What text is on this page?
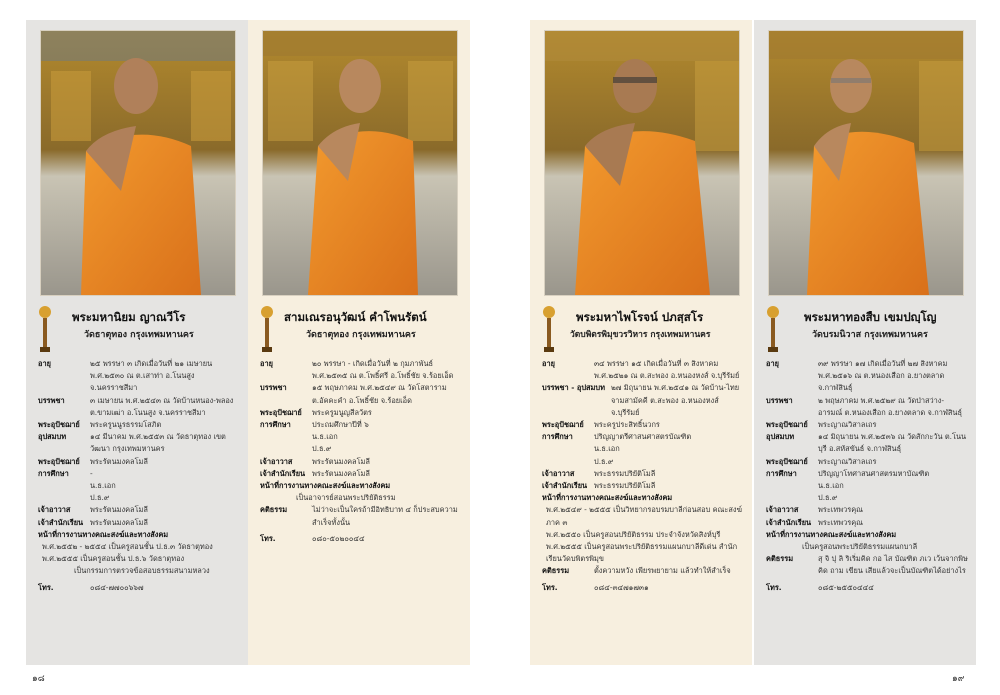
พระมหานิยม ญาณวีโร
วัดธาตุทอง กรุงเทพมหานคร
อายุ	๒๕ พรรษา ๓ เกิดเมื่อวันที่ ๒๑ เมษายน พ.ศ.๒๕๓๐ ณ ต.เสาท่า อ.โนนสูง จ.นครราชสีมา
บรรพชา	๓ เมษายน พ.ศ.๒๕๔๓ ณ วัดบ้านหนอง-พลอง ต.ขามเฒ่า อ.โนนสูง จ.นครราชสีมา
พระอุปัชฌาย์	พระครูนนูรธรรมโสภิต
อุปสมบท	๑๔ มีนาคม พ.ศ.๒๕๕๓ ณ วัดธาตุทอง เขตวัฒนา กรุงเทพมหานคร
พระอุปัชฌาย์	พระรัตนมงคลโมลี
การศึกษา	-
น.ธ.เอก
ป.ธ.๙
เจ้าอาวาส	พระรัตนมงคลโมลี
เจ้าสำนักเรียน พระรัตนมงคลโมลี
หน้าที่การงานทางคณะสงฆ์และทางสังคม
พ.ศ.๒๕๕๒ - ๒๕๕๔ เป็นครูสอนชั้น ป.ธ.๓ วัดธาตุทอง
พ.ศ.๒๕๕๕ เป็นครูสอนชั้น ป.ธ.๖ วัดธาตุทอง
เป็นกรรมการตรวจข้อสอบธรรมสนามหลวง
โทร.	๐๘๔-๗๗๐๐๖๖๗
สามเณรอนุวัฒน์ คำโพนรัตน์
วัดธาตุทอง กรุงเทพมหานคร
อายุ	๒๐ พรรษา - เกิดเมื่อวันที่ ๒ กุมภาพันธ์ พ.ศ.๒๕๓๕ ณ ต.โพธิ์ศรี อ.โพธิ์ชัย จ.ร้อยเอ็ด
บรรพชา	๑๕ พฤษภาคม พ.ศ.๒๕๔๙ ณ วัดโสตาราม ต.อัคคะคำ อ.โพธิ์ชัย จ.ร้อยเอ็ด
พระอุปัชฌาย์	พระครูมนูญสีลวัตร
การศึกษา	ประถมศึกษาปีที่ ๖
น.ธ.เอก
ป.ธ.๙
เจ้าอาวาส	พระรัตนมงคลโมลี
เจ้าสำนักเรียน พระรัตนมงคลโมลี
หน้าที่การงานทางคณะสงฆ์และทางสังคม
เป็นอาจารย์สอนพระปริยัติธรรม
คติธรรม	ไม่ว่าจะเป็นใครถ้ามีอิทธิบาท ๔ ก็ประสบความสำเร็จทั้งนั้น
โทร.	๐๘๐-๕๐๒๐๐๔๔
พระมหาไพโรจน์ ปภสฺสโร
วัดบพิตรพิมุขวรวิหาร กรุงเทพมหานคร
อายุ	๓๔ พรรษา ๑๕ เกิดเมื่อวันที่ ๓ สิงหาคม พ.ศ.๒๕๒๑ ณ ต.สะพอง อ.หนองหงส์ จ.บุรีรัมย์
บรรพชา - อุปสมบท ๒๗ มิถุนายน พ.ศ.๒๕๔๑ ณ วัดบ้าน-ไทยจามสามัคคี ต.สะพอง อ.หนองหงส์ จ.บุรีรัมย์
พระอุปัชฌาย์	พระครูประสิทธิ์นวกร
การศึกษา	ปริญญาตรีศาสนศาสตรบัณฑิต
น.ธ.เอก
ป.ธ.๙
เจ้าอาวาส	พระธรรมปริยัติโมลี
เจ้าสำนักเรียน พระธรรมปริยัติโมลี
หน้าที่การงานทางคณะสงฆ์และทางสังคม
พ.ศ.๒๕๔๙ - ๒๕๕๕ เป็นวิทยากรอบรมบาลีก่อนสอบ คณะสงฆ์ภาค ๓
พ.ศ.๒๕๕๐ เป็นครูสอนปริยัติธรรม ประจำจังหวัดสิงห์บุรี
พ.ศ.๒๕๕๕ เป็นครูสอนพระปริยัติธรรมแผนกบาลีดีเด่น สำนักเรียนวัดบพิตรพิมุข
คติธรรม	ตั้งความหวัง เพียรพยายาม แล้วทำให้สำเร็จ
โทร.	๐๘๔-๓๔๗๑๗๓๑
พระมหาทองสืบ เขมปญฺโญ
วัดบรมนิวาส กรุงเทพมหานคร
อายุ	๓๙ พรรษา ๑๗ เกิดเมื่อวันที่ ๒๗ สิงหาคม พ.ศ.๒๕๑๖ ณ ต.หนองเสือก อ.ยางตลาด จ.กาฬสินธุ์
บรรพชา	๒ พฤษภาคม พ.ศ.๒๕๒๙ ณ วัดป่าสว่าง-อารมณ์ ต.หนองเสือก อ.ยางตลาด จ.กาฬสินธุ์
พระอุปัชฌาย์	พระญาณวิสาลเถร
อุปสมบท	๑๔ มิถุนายน พ.ศ.๒๕๓๖ ณ วัดสักกะวัน ต.โนนบุรี อ.สหัสขันธ์ จ.กาฬสินธุ์
พระอุปัชฌาย์	พระญาณวิสาลเถร
การศึกษา	ปริญญาโทศาสนศาสตรมหาบัณฑิต
น.ธ.เอก
ป.ธ.๙
เจ้าอาวาส	พระเทพวรคุณ
เจ้าสำนักเรียน พระเทพวรคุณ
หน้าที่การงานทางคณะสงฆ์และทางสังคม
เป็นครูสอนพระปริยัติธรรมแผนกบาลี
คติธรรม	สุ จิ ปุ ลิ ริเริ่มคิด กอ ไส บัณฑิต ภเว เว้นจากพิษ คิด ถาม เขียน เสียแล้วจะเป็นบัณฑิตได้อย่างไร
โทร.	๐๘๕-๒๕๕๐๔๔๔
๑๘	๑๙
